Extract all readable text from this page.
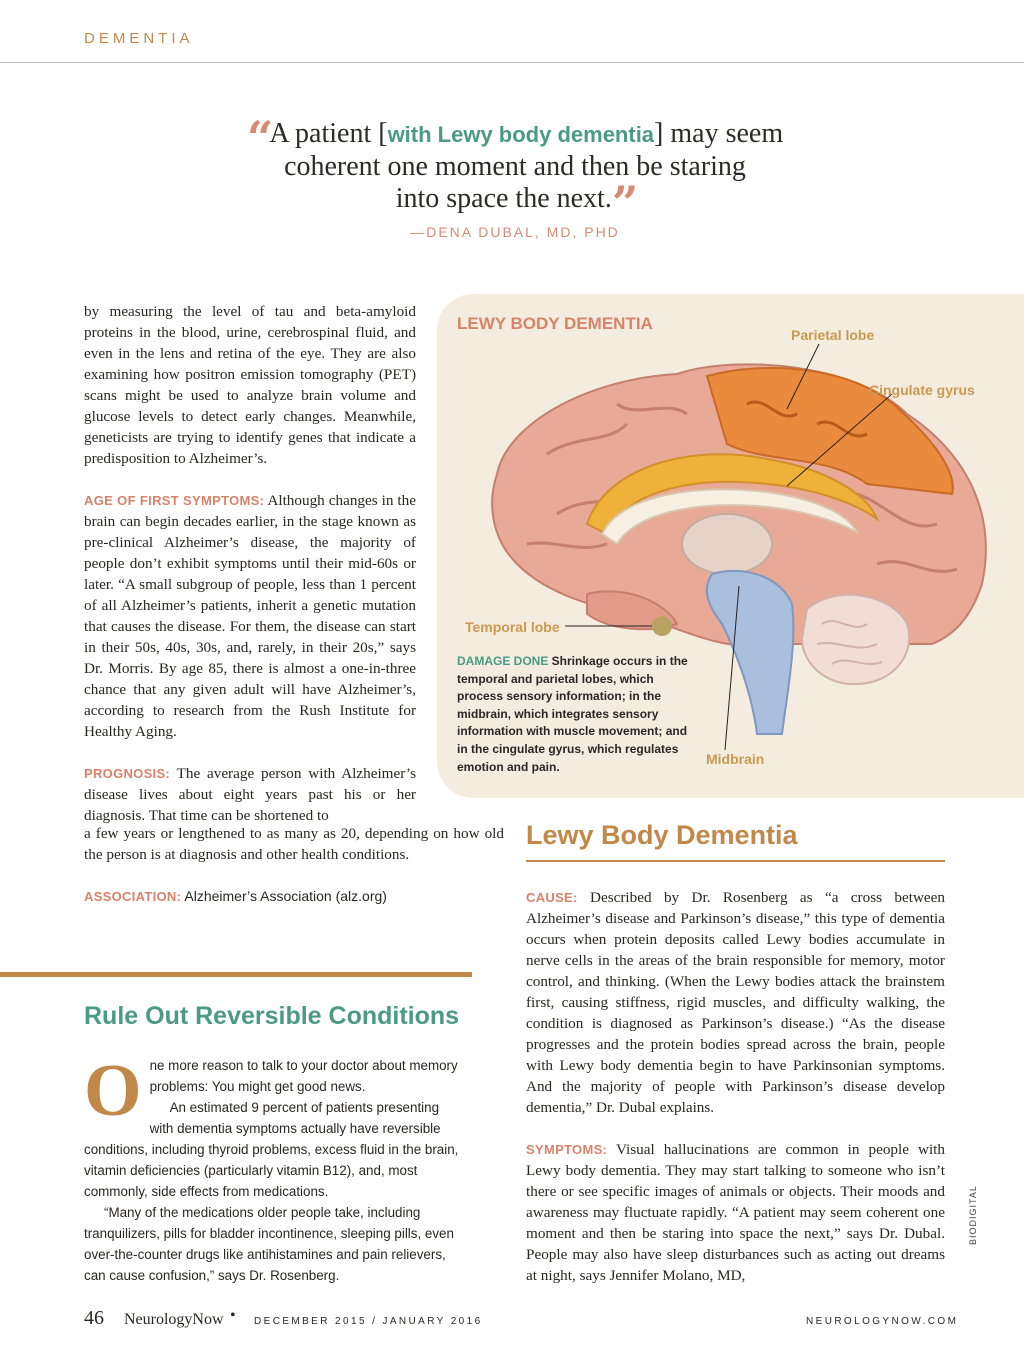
DEMENTIA
“A patient [with Lewy body dementia] may seem
coherent one moment and then be staring
into space the next.”
—DENA DUBAL, MD, PHD

by measuring the level of tau and beta-amyloid proteins in the blood, urine, cerebrospinal fluid, and even in the lens and retina of the eye. They are also examining how positron emission tomography (PET) scans might be used to analyze brain volume and glucose levels to detect early changes. Meanwhile, geneticists are trying to identify genes that indicate a predisposition to Alzheimer’s.

AGE OF FIRST SYMPTOMS: Although changes in the brain can begin decades earlier, in the stage known as pre-clinical Alzheimer’s disease, the majority of people don’t exhibit symptoms until their mid-60s or later. “A small subgroup of people, less than 1 percent of all Alzheimer’s patients, inherit a genetic mutation that causes the disease. For them, the disease can start in their 50s, 40s, 30s, and, rarely, in their 20s,” says Dr. Morris. By age 85, there is almost a one-in-three chance that any given adult will have Alzheimer’s, according to research from the Rush Institute for Healthy Aging.

PROGNOSIS: The average person with Alzheimer’s disease lives about eight years past his or her diagnosis. That time can be shortened to

a few years or lengthened to as many as 20, depending on how old the person is at diagnosis and other health conditions.

ASSOCIATION: Alzheimer’s Association (alz.org)
Rule Out Reversible Conditions
O ne more reason to talk to your doctor about memory problems: You might get good news.

An estimated 9 percent of patients presenting with dementia symptoms actually have reversible conditions, including thyroid problems, excess fluid in the brain, vitamin deficiencies (particularly vitamin B12), and, most commonly, side effects from medications.

“Many of the medications older people take, including tranquilizers, pills for bladder incontinence, sleeping pills, even over-the-counter drugs like antihistamines and pain relievers, can cause confusion,” says Dr. Rosenberg.

LEWY BODY DEMENTIA
Parietal lobe
Cingulate gyrus
Temporal lobe
Midbrain
DAMAGE DONE Shrinkage occurs in the temporal and parietal lobes, which process sensory information; in the midbrain, which integrates sensory information with muscle movement; and in the cingulate gyrus, which regulates emotion and pain.
Lewy Body Dementia

CAUSE: Described by Dr. Rosenberg as “a cross between Alzheimer’s disease and Parkinson’s disease,” this type of dementia occurs when protein deposits called Lewy bodies accumulate in nerve cells in the areas of the brain responsible for memory, motor control, and thinking. (When the Lewy bodies attack the brainstem first, causing stiffness, rigid muscles, and difficulty walking, the condition is diagnosed as Parkinson’s disease.) “As the disease progresses and the protein bodies spread across the brain, people with Lewy body dementia begin to have Parkinsonian symptoms. And the majority of people with Parkinson’s disease develop dementia,” Dr. Dubal explains.

SYMPTOMS: Visual hallucinations are common in people with Lewy body dementia. They may start talking to someone who isn’t there or see specific images of animals or objects. Their moods and awareness may fluctuate rapidly. “A patient may seem coherent one moment and then be staring into space the next,” says Dr. Dubal. People may also have sleep disturbances such as acting out dreams at night, says Jennifer Molano, MD,

BIODIGITAL
46 NeurologyNow • DECEMBER 2015 / JANUARY 2016	NEUROLOGYNOW.COM
